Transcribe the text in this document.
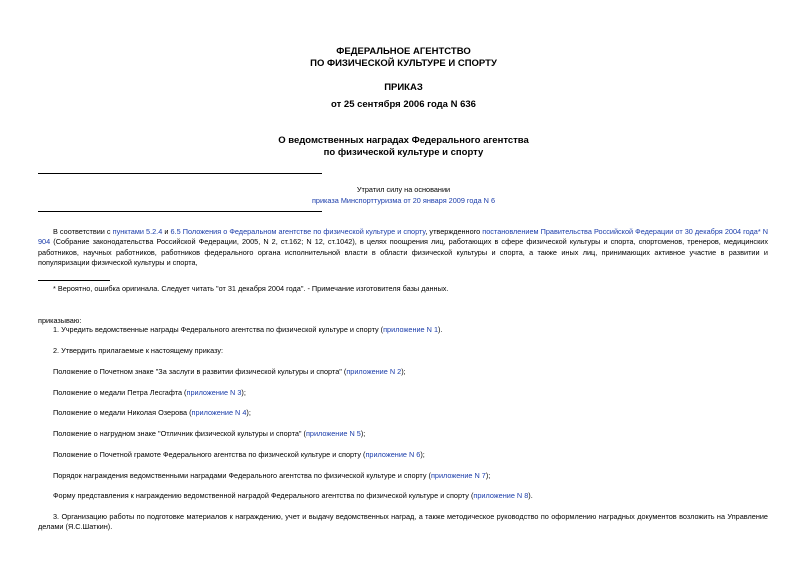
ФЕДЕРАЛЬНОЕ АГЕНТСТВО
ПО ФИЗИЧЕСКОЙ КУЛЬТУРЕ И СПОРТУ
ПРИКАЗ
от 25 сентября 2006 года N 636
О ведомственных наградах Федерального агентства
по физической культуре и спорту
Утратил силу на основании
приказа Минспорттуризма от 20 января 2009 года N 6
В соответствии с пунктами 5.2.4 и 6.5 Положения о Федеральном агентстве по физической культуре и спорту, утвержденного постановлением Правительства Российской Федерации от 30 декабря 2004 года* N 904 (Собрание законодательства Российской Федерации, 2005, N 2, ст.162; N 12, ст.1042), в целях поощрения лиц, работающих в сфере физической культуры и спорта, спортсменов, тренеров, медицинских работников, научных работников, работников федерального органа исполнительной власти в области физической культуры и спорта, а также иных лиц, принимающих активное участие в развитии и популяризации физической культуры и спорта,
* Вероятно, ошибка оригинала. Следует читать "от 31 декабря 2004 года". - Примечание изготовителя базы данных.
приказываю:
1. Учредить ведомственные награды Федерального агентства по физической культуре и спорту (приложение N 1).
2. Утвердить прилагаемые к настоящему приказу:
Положение о Почетном знаке "За заслуги в развитии физической культуры и спорта" (приложение N 2);
Положение о медали Петра Лесгафта (приложение N 3);
Положение о медали Николая Озерова (приложение N 4);
Положение о нагрудном знаке "Отличник физической культуры и спорта" (приложение N 5);
Положение о Почетной грамоте Федерального агентства по физической культуре и спорту (приложение N 6);
Порядок награждения ведомственными наградами Федерального агентства по физической культуре и спорту (приложение N 7);
Форму представления к награждению ведомственной наградой Федерального агентства по физической культуре и спорту (приложение N 8).
3. Организацию работы по подготовке материалов к награждению, учет и выдачу ведомственных наград, а также методическое руководство по оформлению наградных документов возложить на Управление делами (Я.С.Шаткин).
